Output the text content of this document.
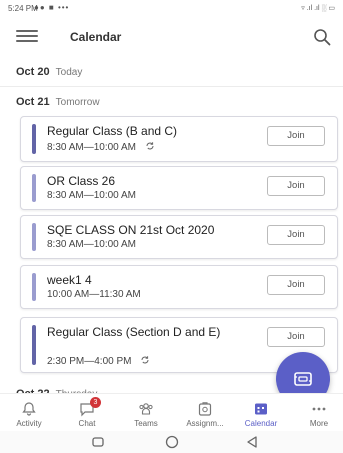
5:24 PM
●● ■ •••	▿ .ıl .ıl ░ ▭
Calendar
Oct 20 Today
Oct 21 Tomorrow
Regular Class (B and C)
8:30 AM—10:00 AM
Join
OR Class 26
8:30 AM—10:00 AM
Join
SQE CLASS ON 21st Oct 2020
8:30 AM—10:00 AM
Join
week1 4
10:00 AM—11:30 AM
Join
Regular Class (Section D and E)
2:30 PM—4:00 PM
Join
Activity
3
Chat	Teams	Assignm...	Calendar	More
